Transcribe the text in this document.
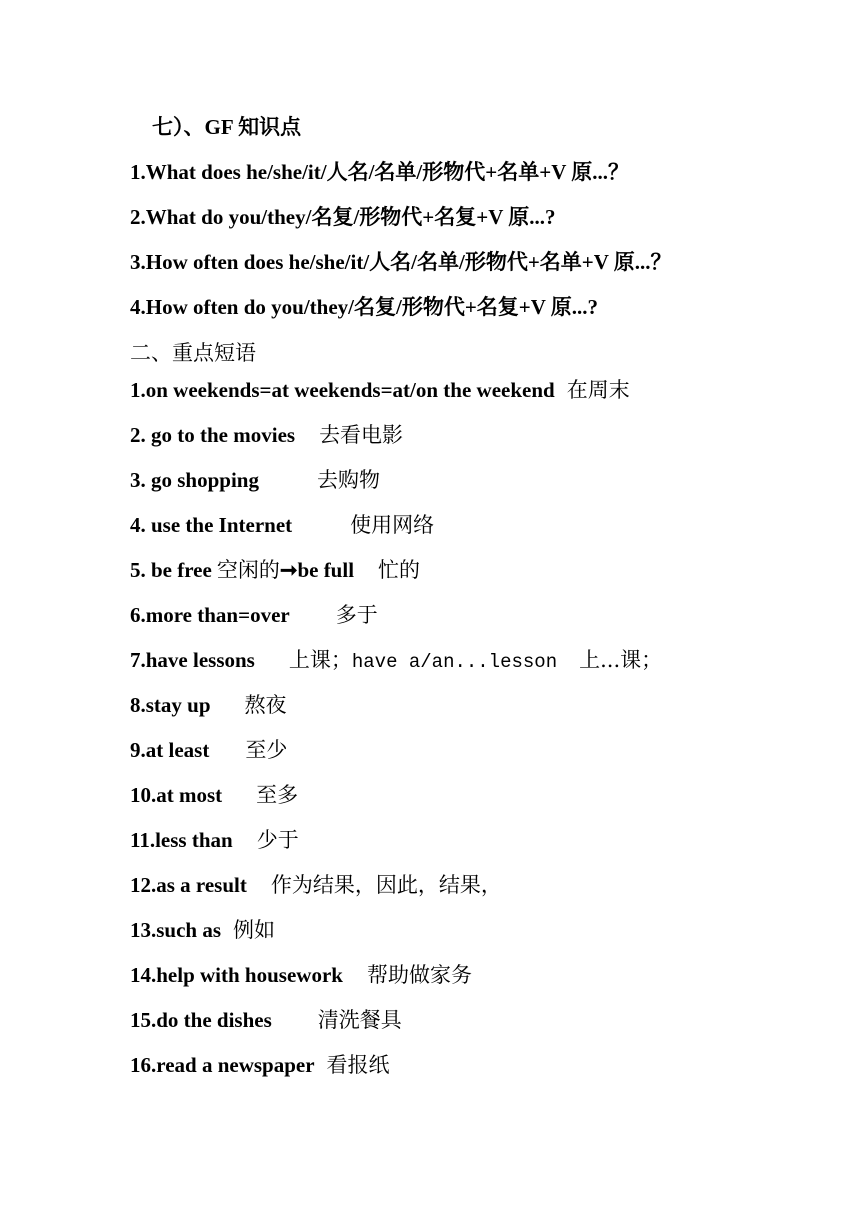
七）、GF 知识点
1.What does he/she/it/人名/名单/形物代+名单+V 原...？
2.What do you/they/名复/形物代+名复+V 原...?
3.How often does he/she/it/人名/名单/形物代+名单+V 原...？
4.How often do you/they/名复/形物代+名复+V 原...?
二、重点短语
1.on weekends=at weekends=at/on the weekend 在周末
2. go to the movies 去看电影
3. go shopping	去购物
4. use the Internet	使用网络
5. be free 空闲的➞be full 忙的
6.more than=over 多于
7.have lessons 上课；have a/an...lesson 上...课；
8.stay up 熬夜
9.at least 至少
10.at most 至多
11.less than 少于
12.as a result 作为结果，因此，结果，
13.such as 例如
14.help with housework 帮助做家务
15.do the dishes 清洗餐具
16.read a newspaper 看报纸
